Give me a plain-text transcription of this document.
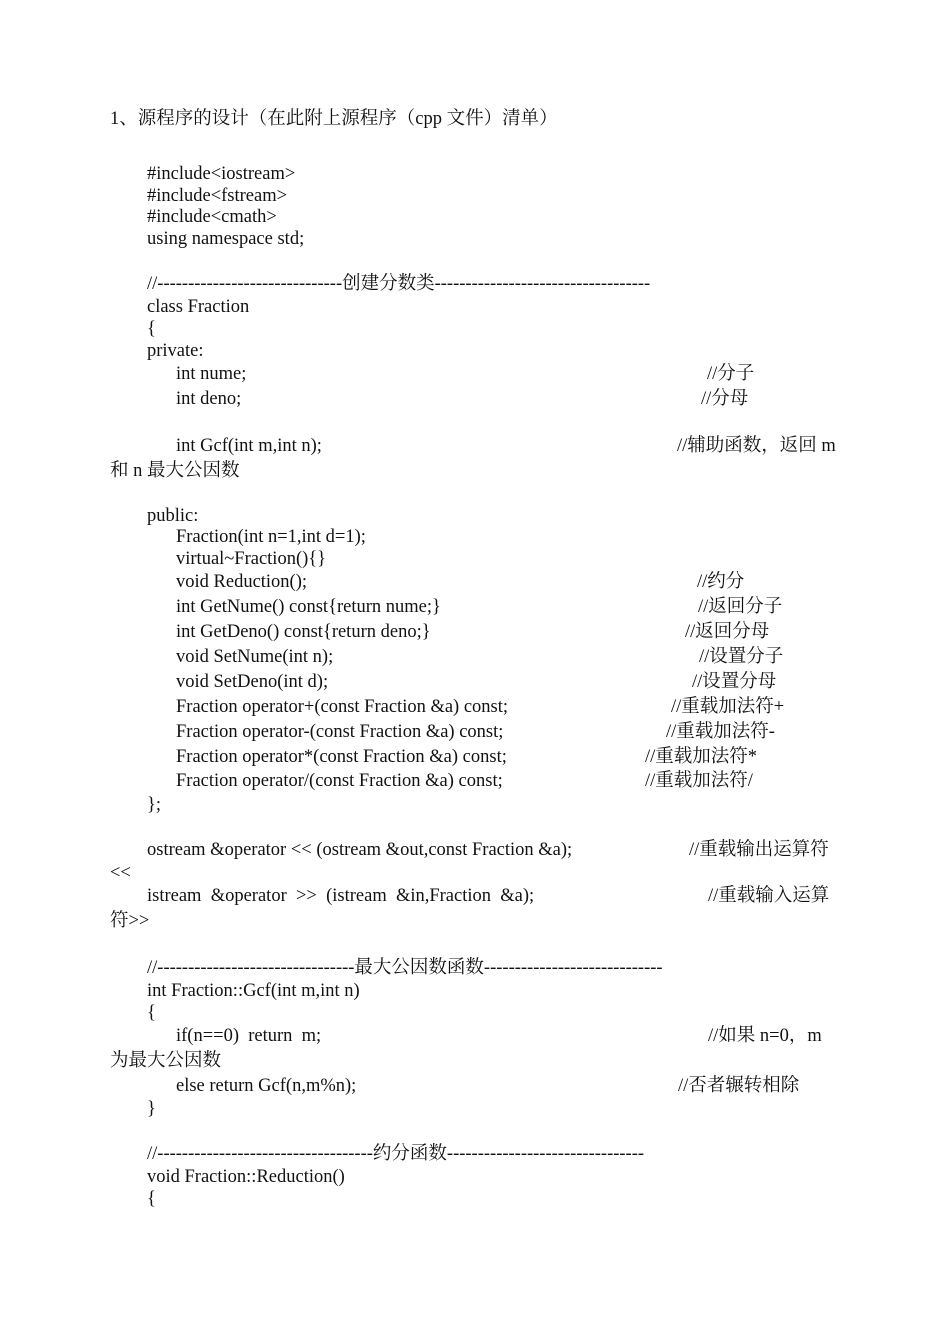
1、源程序的设计（在此附上源程序（cpp 文件）清单）
#include<iostream>
#include<fstream>
#include<cmath>
using namespace std;
//------------------------------创建分数类-----------------------------------
class Fraction
{
private:
int nume;	//分子
int deno;	//分母
int Gcf(int m,int n);	//辅助函数，返回 m
和 n 最大公因数
public:
Fraction(int n=1,int d=1);
virtual~Fraction(){}
void Reduction();	//约分
int GetNume() const{return nume;}	//返回分子
int GetDeno() const{return deno;}	//返回分母
void SetNume(int n);	//设置分子
void SetDeno(int d);	//设置分母
Fraction operator+(const Fraction &a) const;	//重载加法符+
Fraction operator-(const Fraction &a) const;	//重载加法符-
Fraction operator*(const Fraction &a) const;	//重载加法符*
Fraction operator/(const Fraction &a) const;	//重载加法符/
};
ostream &operator << (ostream &out,const Fraction &a);	//重载输出运算符
<<
istream  &operator  >>  (istream  &in,Fraction  &a);	//重载输入运算
符>>
//--------------------------------最大公因数函数-----------------------------
int Fraction::Gcf(int m,int n)
{
if(n==0)  return  m;	//如果 n=0，m
为最大公因数
else return Gcf(n,m%n);	//否者辗转相除
}
//-----------------------------------约分函数--------------------------------
void Fraction::Reduction()
{
